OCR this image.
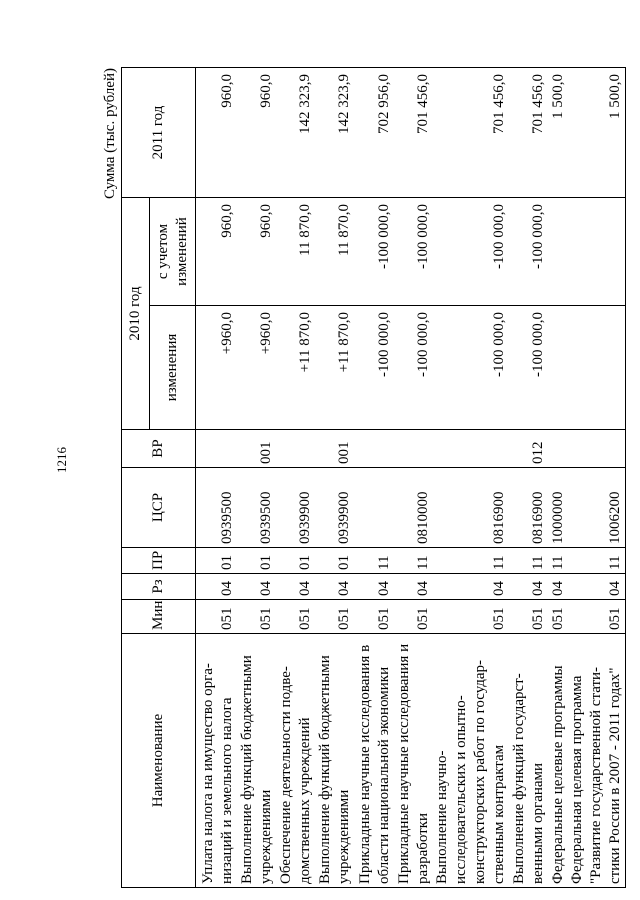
1216
Сумма (тыс. рублей)
Наименование	Мин	Рз	ПР	ЦСР	ВР	2010 год		2011 год
						изменения	с учетом изменений	
Уплата налога на имущество орга-низаций и земельного налога	051	04	01	0939500		+960,0	960,0	960,0
Выполнение функций бюджетными учреждениями	051	04	01	0939500	001	+960,0	960,0	960,0
Обеспечение деятельности подве-домственных учреждений	051	04	01	0939900		+11 870,0	11 870,0	142 323,9
Выполнение функций бюджетными учреждениями	051	04	01	0939900	001	+11 870,0	11 870,0	142 323,9
Прикладные научные исследования в области национальной экономики	051	04	11			-100 000,0	-100 000,0	702 956,0
Прикладные научные исследования и разработки	051	04	11	0810000		-100 000,0	-100 000,0	701 456,0
Выполнение научно-исследовательских и опытно-конструкторских работ по государ-ственным контрактам	051	04	11	0816900		-100 000,0	-100 000,0	701 456,0
Выполнение функций государст-венными органами	051	04	11	0816900	012	-100 000,0	-100 000,0	701 456,0
Федеральные целевые программы	051	04	11	1000000				1 500,0
Федеральная целевая программа "Развитие государственной стати-стики России в 2007 - 2011 годах"	051	04	11	1006200				1 500,0
